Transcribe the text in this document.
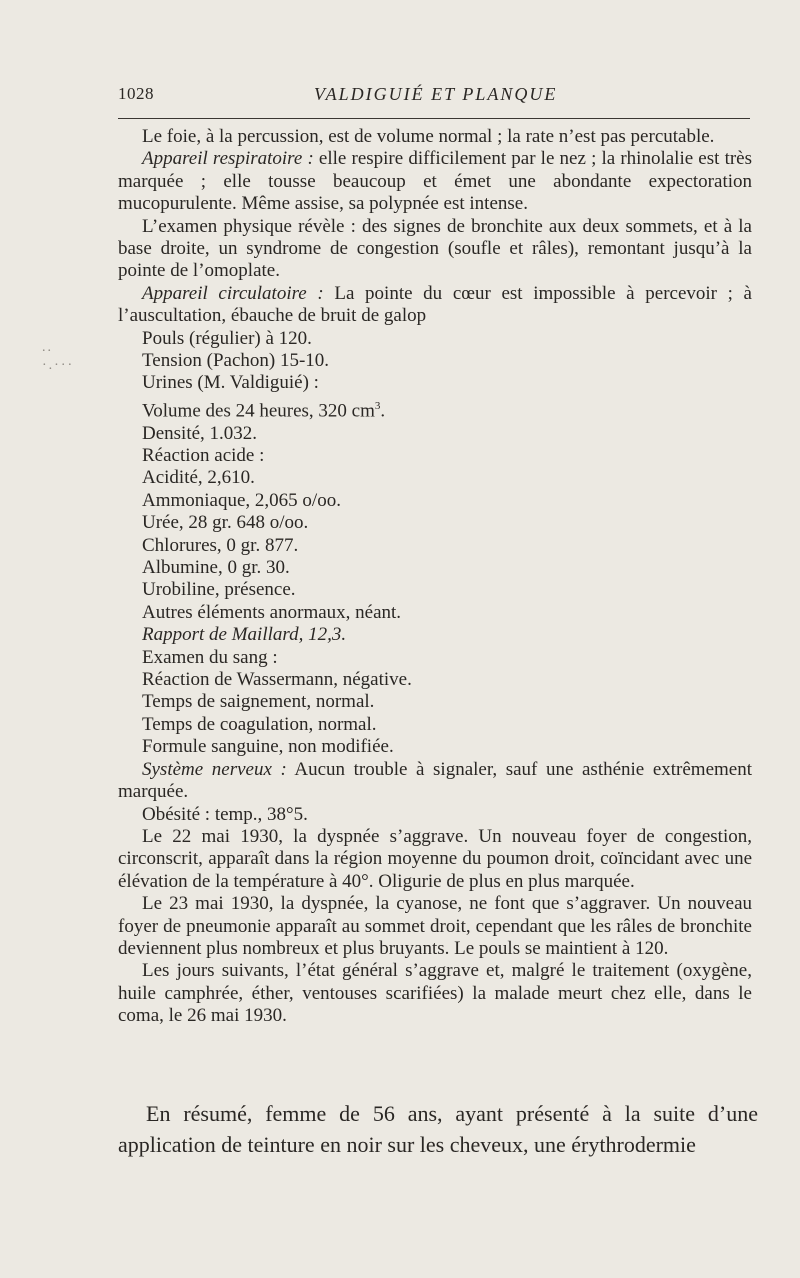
1028	VALDIGUIÉ ET PLANQUE
..
·.···

Le foie, à la percussion, est de volume normal ; la rate n’est pas percutable.

Appareil respiratoire : elle respire difficilement par le nez ; la rhinolalie est très marquée ; elle tousse beaucoup et émet une abondante expectoration mucopurulente. Même assise, sa polypnée est intense.

L’examen physique révèle : des signes de bronchite aux deux sommets, et à la base droite, un syndrome de congestion (soufle et râles), remontant jusqu’à la pointe de l’omoplate.

Appareil circulatoire : La pointe du cœur est impossible à percevoir ; à l’auscultation, ébauche de bruit de galop

Pouls (régulier) à 120.

Tension (Pachon) 15-10.

Urines (M. Valdiguié) :

Volume des 24 heures, 320 $cm^3$.

Densité, 1.032.

Réaction acide :

Acidité, 2,610.

Ammoniaque, 2,065 o/oo.

Urée, 28 gr. 648 o/oo.

Chlorures, 0 gr. 877.

Albumine, 0 gr. 30.

Urobiline, présence.

Autres éléments anormaux, néant.

Rapport de Maillard, 12,3.

Examen du sang :

Réaction de Wassermann, négative.

Temps de saignement, normal.

Temps de coagulation, normal.

Formule sanguine, non modifiée.

Système nerveux : Aucun trouble à signaler, sauf une asthénie extrêmement marquée.

Obésité : temp., 38°5.

Le 22 mai 1930, la dyspnée s’aggrave. Un nouveau foyer de congestion, circonscrit, apparaît dans la région moyenne du poumon droit, coïncidant avec une élévation de la température à 40°. Oligurie de plus en plus marquée.

Le 23 mai 1930, la dyspnée, la cyanose, ne font que s’aggraver. Un nouveau foyer de pneumonie apparaît au sommet droit, cependant que les râles de bronchite deviennent plus nombreux et plus bruyants. Le pouls se maintient à 120.

Les jours suivants, l’état général s’aggrave et, malgré le traitement (oxygène, huile camphrée, éther, ventouses scarifiées) la malade meurt chez elle, dans le coma, le 26 mai 1930.

En résumé, femme de 56 ans, ayant présenté à la suite d’une application de teinture en noir sur les cheveux, une érythrodermie
